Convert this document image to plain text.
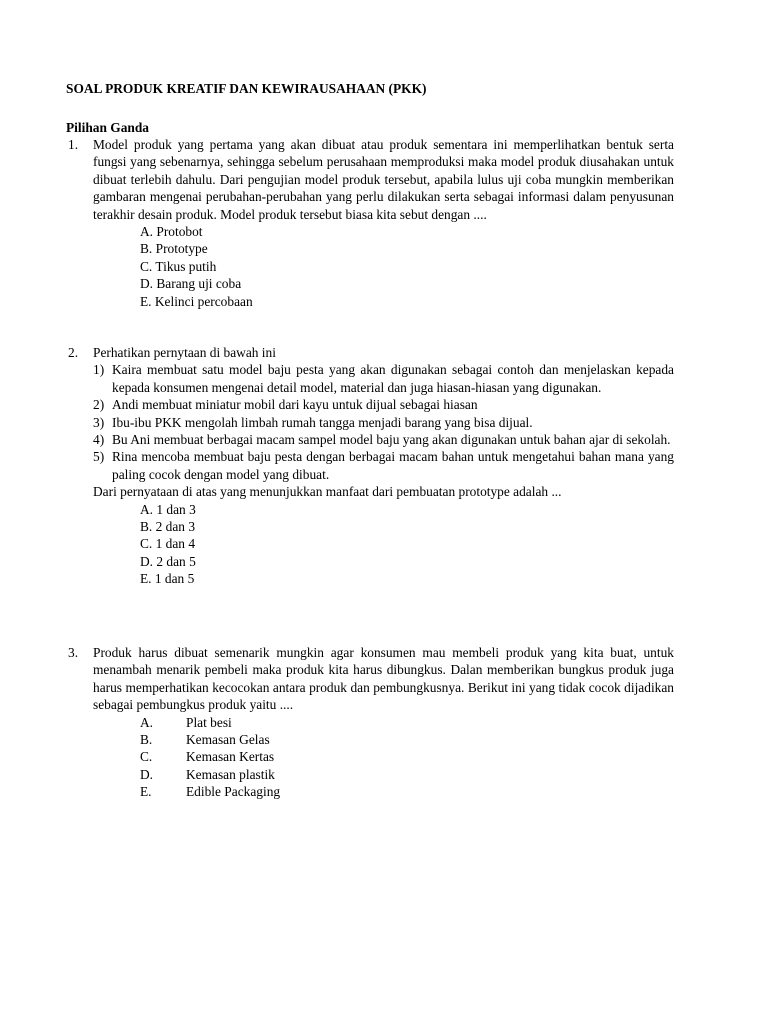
SOAL PRODUK KREATIF DAN KEWIRAUSAHAAN (PKK)
Pilihan Ganda
1. Model produk yang pertama yang akan dibuat atau produk sementara ini memperlihatkan bentuk serta fungsi yang sebenarnya, sehingga sebelum perusahaan memproduksi maka model produk diusahakan untuk dibuat terlebih dahulu. Dari pengujian model produk tersebut, apabila lulus uji coba mungkin memberikan gambaran mengenai perubahan-perubahan yang perlu dilakukan serta sebagai informasi dalam penyusunan terakhir desain produk. Model produk tersebut biasa kita sebut dengan ....
A. Protobot
B. Prototype
C. Tikus putih
D. Barang uji coba
E. Kelinci percobaan
2. Perhatikan pernytaan di bawah ini
1) Kaira membuat satu model baju pesta yang akan digunakan sebagai contoh dan menjelaskan kepada kepada konsumen mengenai detail model, material dan juga hiasan-hiasan yang digunakan.
2) Andi membuat miniatur mobil dari kayu untuk dijual sebagai hiasan
3) Ibu-ibu PKK mengolah limbah rumah tangga menjadi barang yang bisa dijual.
4) Bu Ani membuat berbagai macam sampel model baju yang akan digunakan untuk bahan ajar di sekolah.
5) Rina mencoba membuat baju pesta dengan berbagai macam bahan untuk mengetahui bahan mana yang paling cocok dengan model yang dibuat.
Dari pernyataan di atas yang menunjukkan manfaat dari pembuatan prototype adalah ...
A. 1 dan 3
B. 2 dan 3
C. 1 dan 4
D. 2 dan 5
E. 1 dan 5
3. Produk harus dibuat semenarik mungkin agar konsumen mau membeli produk yang kita buat, untuk menambah menarik pembeli maka produk kita harus dibungkus. Dalan memberikan bungkus produk juga harus memperhatikan kecocokan antara produk dan pembungkusnya. Berikut ini yang tidak cocok dijadikan sebagai pembungkus produk yaitu ....
A. Plat besi
B.	Kemasan Gelas
C.	Kemasan Kertas
D. Kemasan plastik
E.	Edible Packaging
